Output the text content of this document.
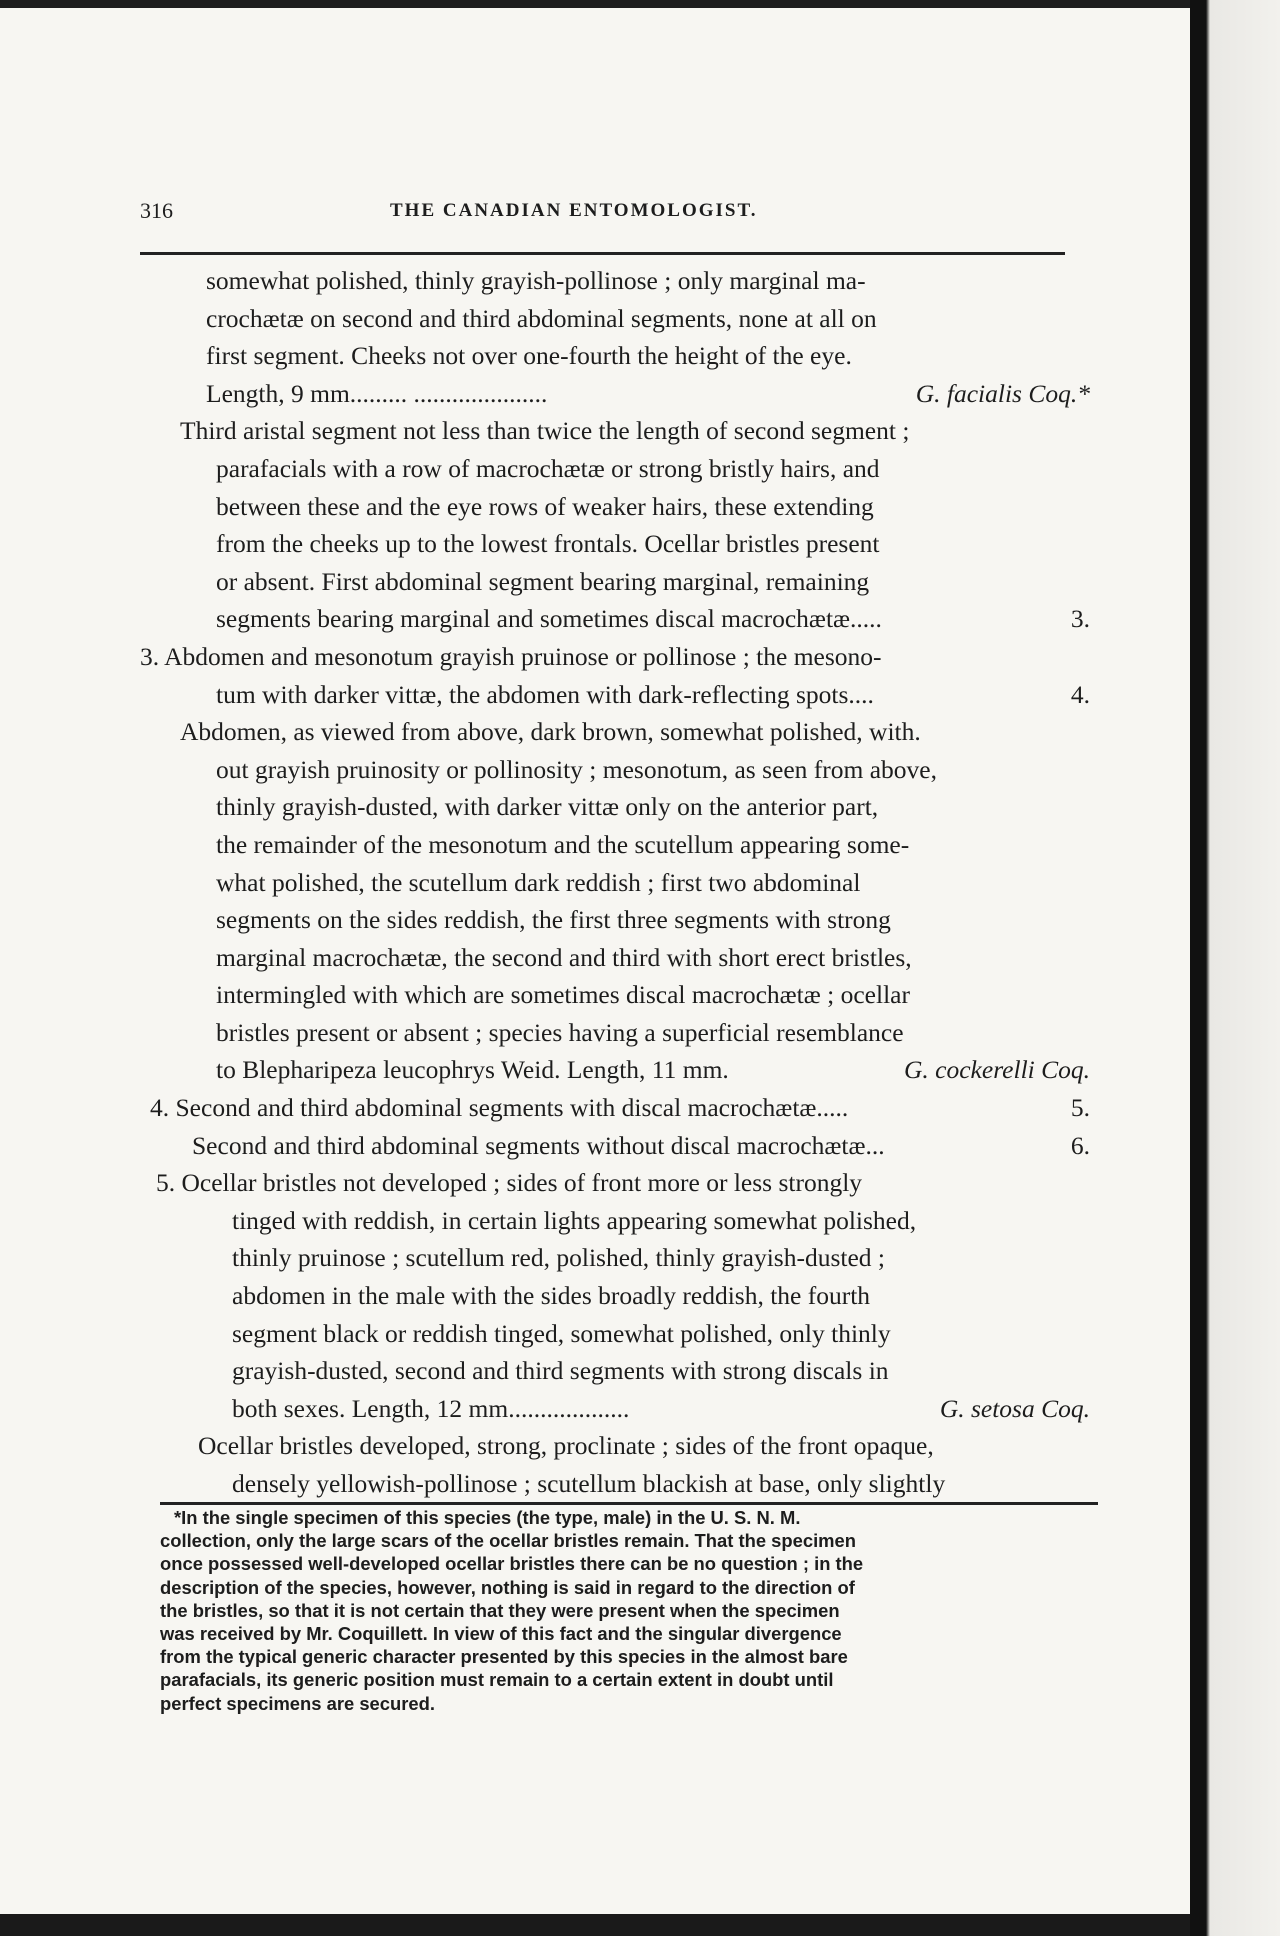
316	THE CANADIAN ENTOMOLOGIST.
somewhat polished, thinly grayish-pollinose ; only marginal ma-
crochætæ on second and third abdominal segments, none at all on
first segment. Cheeks not over one-fourth the height of the eye.
Length, 9 mm......... .....................	G. facialis Coq.*
Third aristal segment not less than twice the length of second segment ;
parafacials with a row of macrochætæ or strong bristly hairs, and
between these and the eye rows of weaker hairs, these extending
from the cheeks up to the lowest frontals. Ocellar bristles present
or absent. First abdominal segment bearing marginal, remaining
segments bearing marginal and sometimes discal macrochætæ.....	3.
3. Abdomen and mesonotum grayish pruinose or pollinose ; the mesono-
tum with darker vittæ, the abdomen with dark-reflecting spots....	4.
Abdomen, as viewed from above, dark brown, somewhat polished, with.
out grayish pruinosity or pollinosity ; mesonotum, as seen from above,
thinly grayish-dusted, with darker vittæ only on the anterior part,
the remainder of the mesonotum and the scutellum appearing some-
what polished, the scutellum dark reddish ; first two abdominal
segments on the sides reddish, the first three segments with strong
marginal macrochætæ, the second and third with short erect bristles,
intermingled with which are sometimes discal macrochætæ ; ocellar
bristles present or absent ; species having a superficial resemblance
to Blepharipeza leucophrys Weid. Length, 11 mm.	G. cockerelli Coq.
4. Second and third abdominal segments with discal macrochætæ.....	5.
Second and third abdominal segments without discal macrochætæ...	6.
5. Ocellar bristles not developed ; sides of front more or less strongly
tinged with reddish, in certain lights appearing somewhat polished,
thinly pruinose ; scutellum red, polished, thinly grayish-dusted ;
abdomen in the male with the sides broadly reddish, the fourth
segment black or reddish tinged, somewhat polished, only thinly
grayish-dusted, second and third segments with strong discals in
both sexes. Length, 12 mm...................	G. setosa Coq.
Ocellar bristles developed, strong, proclinate ; sides of the front opaque,
densely yellowish-pollinose ; scutellum blackish at base, only slightly
*In the single specimen of this species (the type, male) in the U. S. N. M.
collection, only the large scars of the ocellar bristles remain. That the specimen
once possessed well-developed ocellar bristles there can be no question ; in the
description of the species, however, nothing is said in regard to the direction of
the bristles, so that it is not certain that they were present when the specimen
was received by Mr. Coquillett. In view of this fact and the singular divergence
from the typical generic character presented by this species in the almost bare
parafacials, its generic position must remain to a certain extent in doubt until
perfect specimens are secured.
